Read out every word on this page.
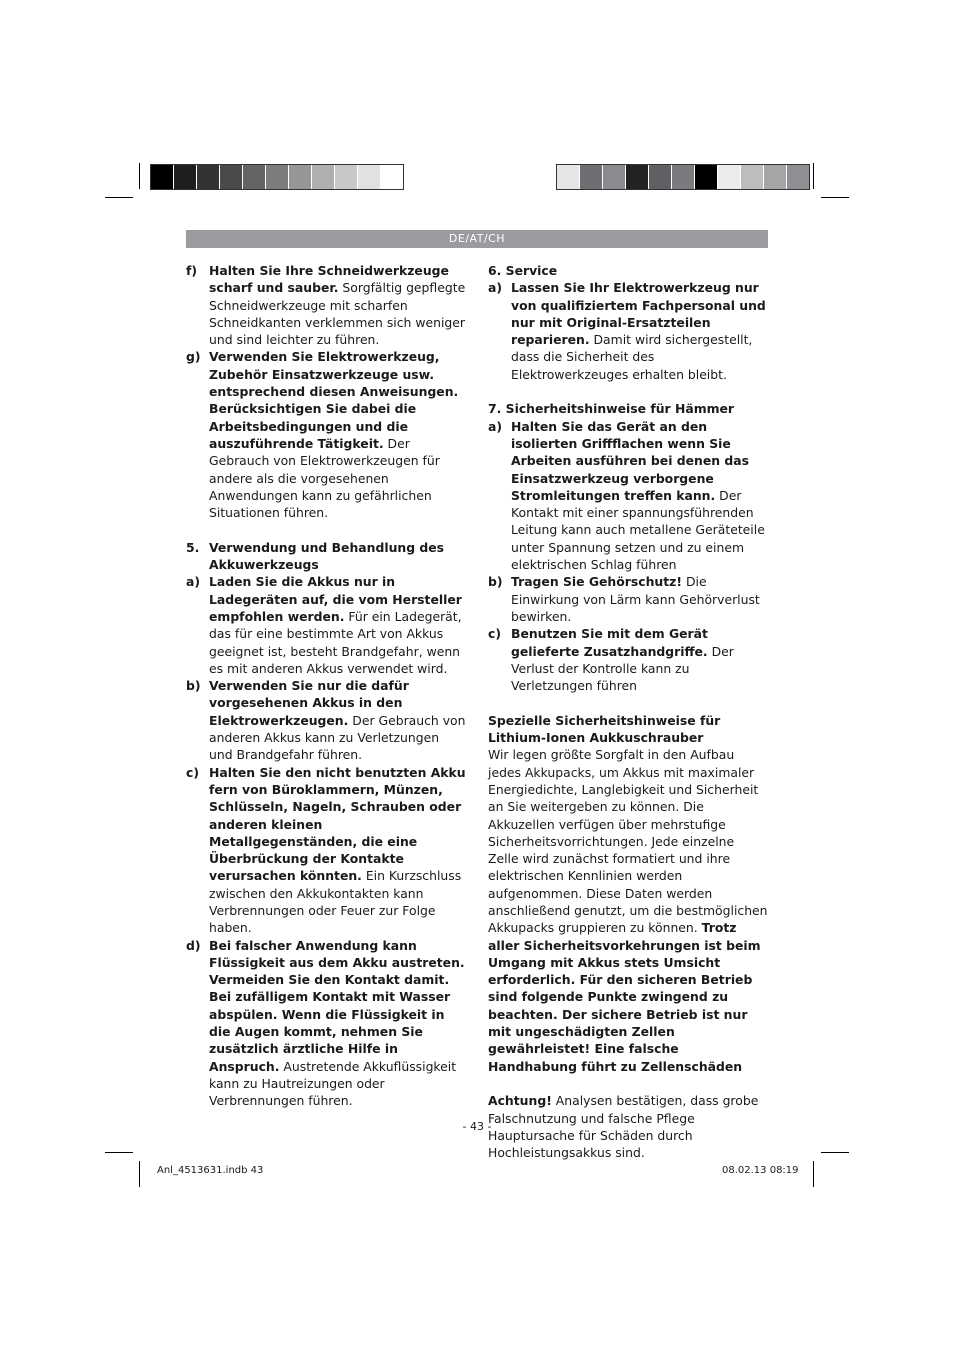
DE/AT/CH
f) Halten Sie Ihre Schneidwerkzeuge scharf und sauber. Sorgfältig gepflegte Schneidwerkzeuge mit scharfen Schneidkanten verklemmen sich weniger und sind leichter zu führen.
g) Verwenden Sie Elektrowerkzeug, Zubehör Einsatzwerkzeuge usw. entsprechend diesen Anweisungen. Berücksichtigen Sie dabei die Arbeitsbedingungen und die auszuführende Tätigkeit. Der Gebrauch von Elektrowerkzeugen für andere als die vorgesehenen Anwendungen kann zu gefährlichen Situationen führen.
5. Verwendung und Behandlung des Akkuwerkzeugs
a) Laden Sie die Akkus nur in Ladegeräten auf, die vom Hersteller empfohlen werden. Für ein Ladegerät, das für eine bestimmte Art von Akkus geeignet ist, besteht Brandgefahr, wenn es mit anderen Akkus verwendet wird.
b) Verwenden Sie nur die dafür vorgesehenen Akkus in den Elektrowerkzeugen. Der Gebrauch von anderen Akkus kann zu Verletzungen und Brandgefahr führen.
c) Halten Sie den nicht benutzten Akku fern von Büroklammern, Münzen, Schlüsseln, Nageln, Schrauben oder anderen kleinen Metallgegenständen, die eine Überbrückung der Kontakte verursachen könnten. Ein Kurzschluss zwischen den Akkukontakten kann Verbrennungen oder Feuer zur Folge haben.
d) Bei falscher Anwendung kann Flüssigkeit aus dem Akku austreten. Vermeiden Sie den Kontakt damit. Bei zufälligem Kontakt mit Wasser abspülen. Wenn die Flüssigkeit in die Augen kommt, nehmen Sie zusätzlich ärztliche Hilfe in Anspruch. Austretende Akkuflüssigkeit kann zu Hautreizungen oder Verbrennungen führen.

6. Service

a) Lassen Sie Ihr Elektrowerkzeug nur von qualifiziertem Fachpersonal und nur mit Original-Ersatzteilen reparieren. Damit wird sichergestellt, dass die Sicherheit des Elektrowerkzeuges erhalten bleibt.

7. Sicherheitshinweise für Hämmer

a) Halten Sie das Gerät an den isolierten Griffflachen wenn Sie Arbeiten ausführen bei denen das Einsatzwerkzeug verborgene Stromleitungen treffen kann. Der Kontakt mit einer spannungsführenden Leitung kann auch metallene Geräteteile unter Spannung setzen und zu einem elektrischen Schlag führen
b) Tragen Sie Gehörschutz! Die Einwirkung von Lärm kann Gehörverlust bewirken.
c) Benutzen Sie mit dem Gerät gelieferte Zusatzhandgriffe. Der Verlust der Kontrolle kann zu Verletzungen führen

Spezielle Sicherheitshinweise für Lithium-Ionen Aukkuschrauber

Wir legen größte Sorgfalt in den Aufbau jedes Akkupacks, um Akkus mit maximaler Energiedichte, Langlebigkeit und Sicherheit an Sie weitergeben zu können. Die Akkuzellen verfügen über mehrstufige Sicherheitsvorrichtungen. Jede einzelne Zelle wird zunächst formatiert und ihre elektrischen Kennlinien werden aufgenommen. Diese Daten werden anschließend genutzt, um die bestmöglichen Akkupacks gruppieren zu können. Trotz aller Sicherheitsvorkehrungen ist beim Umgang mit Akkus stets Umsicht erforderlich. Für den sicheren Betrieb sind folgende Punkte zwingend zu beachten. Der sichere Betrieb ist nur mit ungeschädigten Zellen gewährleistet! Eine falsche Handhabung führt zu Zellenschäden

Achtung! Analysen bestätigen, dass grobe Falschnutzung und falsche Pflege Hauptursache für Schäden durch Hochleistungsakkus sind.

- 43 -
Anl_4513631.indb 43	08.02.13 08:19
